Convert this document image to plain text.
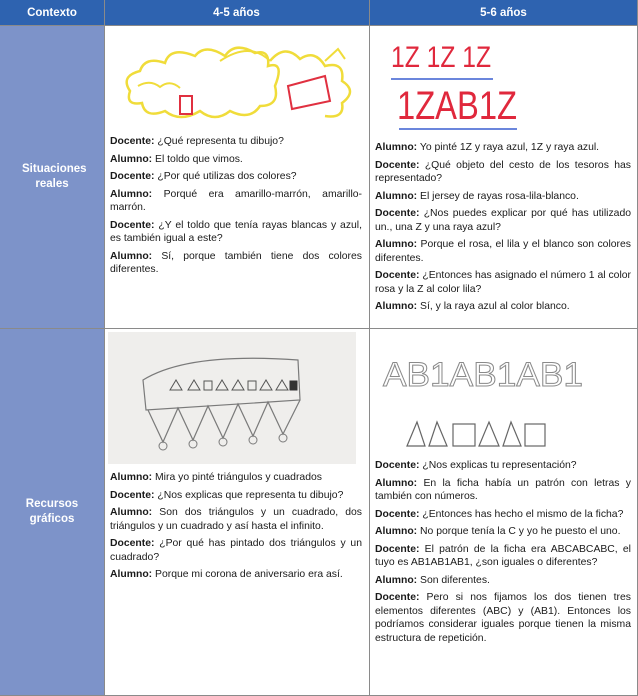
Contexto	4-5 años	5-6 años
Situaciones reales

Docente: ¿Qué representa tu dibujo?

Alumno: El toldo que vimos.

Docente: ¿Por qué utilizas dos colores?

Alumno: Porqué era amarillo-marrón, amarillo-marrón.

Docente: ¿Y el toldo que tenía rayas blancas y azul, es también igual a este?

Alumno: Sí, porque también tiene dos colores diferentes.

1Z 1Z 1Z
1ZAB1Z

Alumno: Yo pinté 1Z y raya azul, 1Z y raya azul.

Docente: ¿Qué objeto del cesto de los tesoros has representado?

Alumno: El jersey de rayas rosa-lila-blanco.

Docente: ¿Nos puedes explicar por qué has utilizado un., una Z y una raya azul?

Alumno: Porque el rosa, el lila y el blanco son colores diferentes.

Docente: ¿Entonces has asignado el número 1 al color rosa y la Z al color lila?

Alumno: Sí, y la raya azul al color blanco.

Recursos gráficos

Alumno: Mira yo pinté triángulos y cuadrados

Docente: ¿Nos explicas que representa tu dibujo?

Alumno: Son dos triángulos y un cuadrado, dos triángulos y un cuadrado y así hasta el infinito.

Docente: ¿Por qué has pintado dos triángulos y un cuadrado?

Alumno: Porque mi corona de aniversario era así.

AB1AB1AB1

Docente: ¿Nos explicas tu representación?

Alumno: En la ficha había un patrón con letras y también con números.

Docente: ¿Entonces has hecho el mismo de la ficha?

Alumno: No porque tenía la C y yo he puesto el uno.

Docente: El patrón de la ficha era ABCABCABC, el tuyo es AB1AB1AB1, ¿son iguales o diferentes?

Alumno: Son diferentes.

Docente: Pero si nos fijamos los dos tienen tres elementos diferentes (ABC) y (AB1). Entonces los podríamos considerar iguales porque tienen la misma estructura de repetición.
